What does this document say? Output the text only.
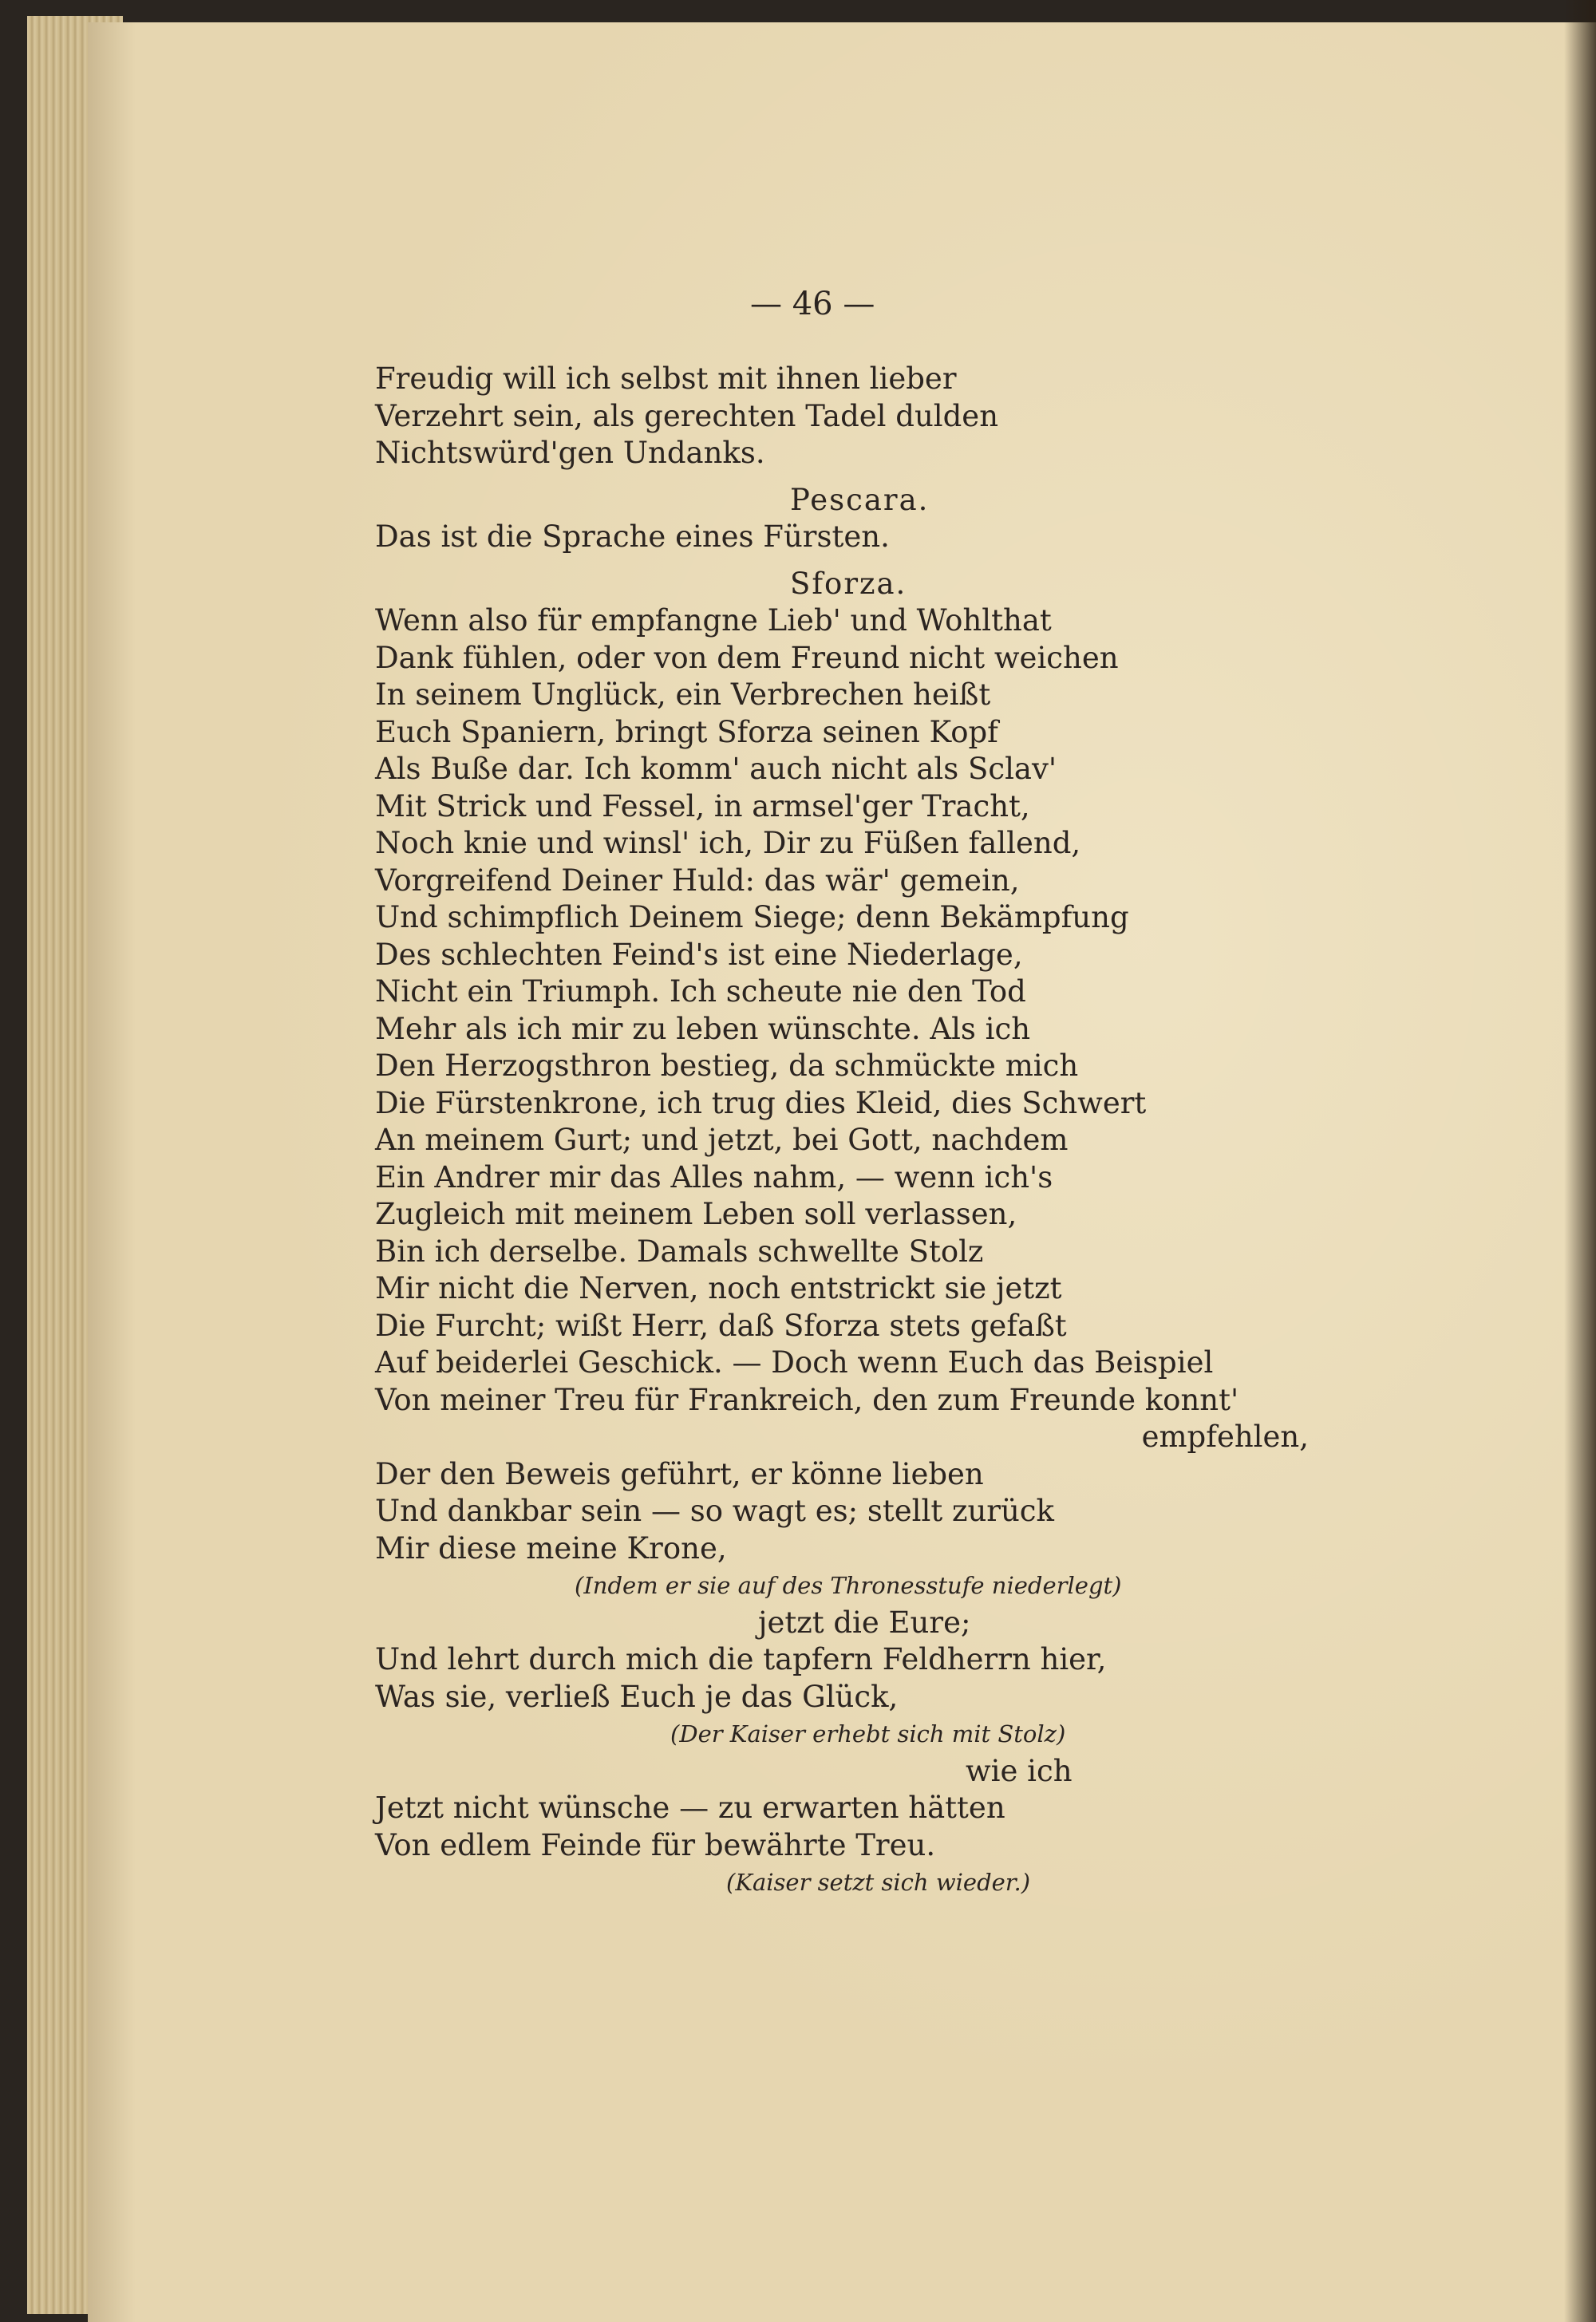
— 46 —
Freudig will ich selbst mit ihnen lieber
Verzehrt sein, als gerechten Tadel dulden
Nichtswürd'gen Undanks.
Pescara.
Das ist die Sprache eines Fürsten.
Sforza.
Wenn also für empfangne Lieb' und Wohlthat
Dank fühlen, oder von dem Freund nicht weichen
In seinem Unglück, ein Verbrechen heißt
Euch Spaniern, bringt Sforza seinen Kopf
Als Buße dar. Ich komm' auch nicht als Sclav'
Mit Strick und Fessel, in armsel'ger Tracht,
Noch knie und winsl' ich, Dir zu Füßen fallend,
Vorgreifend Deiner Huld: das wär' gemein,
Und schimpflich Deinem Siege; denn Bekämpfung
Des schlechten Feind's ist eine Niederlage,
Nicht ein Triumph. Ich scheute nie den Tod
Mehr als ich mir zu leben wünschte. Als ich
Den Herzogsthron bestieg, da schmückte mich
Die Fürstenkrone, ich trug dies Kleid, dies Schwert
An meinem Gurt; und jetzt, bei Gott, nachdem
Ein Andrer mir das Alles nahm, — wenn ich's
Zugleich mit meinem Leben soll verlassen,
Bin ich derselbe. Damals schwellte Stolz
Mir nicht die Nerven, noch entstrickt sie jetzt
Die Furcht; wißt Herr, daß Sforza stets gefaßt
Auf beiderlei Geschick. — Doch wenn Euch das Beispiel
Von meiner Treu für Frankreich, den zum Freunde konnt'
empfehlen,
Der den Beweis geführt, er könne lieben
Und dankbar sein — so wagt es; stellt zurück
Mir diese meine Krone,
(Indem er sie auf des Thronesstufe niederlegt)
jetzt die Eure;
Und lehrt durch mich die tapfern Feldherrn hier,
Was sie, verließ Euch je das Glück,
(Der Kaiser erhebt sich mit Stolz)
wie ich
Jetzt nicht wünsche — zu erwarten hätten
Von edlem Feinde für bewährte Treu.
(Kaiser setzt sich wieder.)
